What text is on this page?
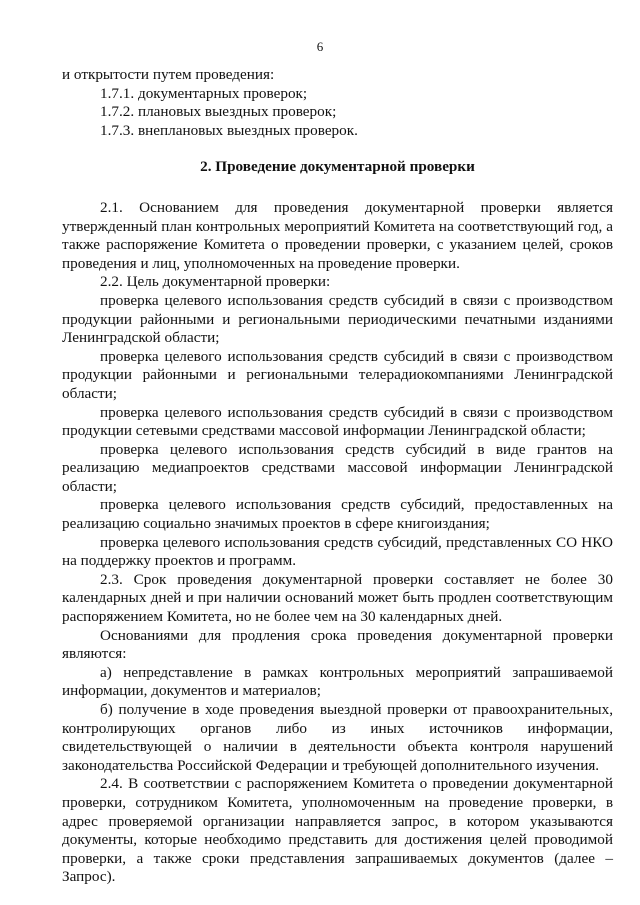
6

и открытости путем проведения:

1.7.1. документарных проверок;

1.7.2. плановых выездных проверок;

1.7.3. внеплановых выездных проверок.

2. Проведение документарной проверки

2.1. Основанием для проведения документарной проверки является утвержденный план контрольных мероприятий Комитета на соответствующий год, а также распоряжение Комитета о проведении проверки, с указанием целей, сроков проведения и лиц, уполномоченных на проведение проверки.

2.2. Цель документарной проверки:

проверка целевого использования средств субсидий в связи с производством продукции районными и региональными периодическими печатными изданиями Ленинградской области;

проверка целевого использования средств субсидий в связи с производством продукции районными и региональными телерадиокомпаниями Ленинградской области;

проверка целевого использования средств субсидий в связи с производством продукции сетевыми средствами массовой информации Ленинградской области;

проверка целевого использования средств субсидий в виде грантов на реализацию медиапроектов средствами массовой информации Ленинградской области;

проверка целевого использования средств субсидий, предоставленных на реализацию социально значимых проектов в сфере книгоиздания;

проверка целевого использования средств субсидий, представленных СО НКО на поддержку проектов и программ.

2.3. Срок проведения документарной проверки составляет не более 30 календарных дней и при наличии оснований может быть продлен соответствующим распоряжением Комитета, но не более чем на 30 календарных дней.

Основаниями для продления срока проведения документарной проверки являются:

а) непредставление в рамках контрольных мероприятий запрашиваемой информации, документов и материалов;

б) получение в ходе проведения выездной проверки от правоохранительных, контролирующих органов либо из иных источников информации, свидетельствующей о наличии в деятельности объекта контроля нарушений законодательства Российской Федерации и требующей дополнительного изучения.

2.4. В соответствии с распоряжением Комитета о проведении документарной проверки, сотрудником Комитета, уполномоченным на проведение проверки, в адрес проверяемой организации направляется запрос, в котором указываются документы, которые необходимо представить для достижения целей проводимой проверки, а также сроки представления запрашиваемых документов (далее – Запрос).
